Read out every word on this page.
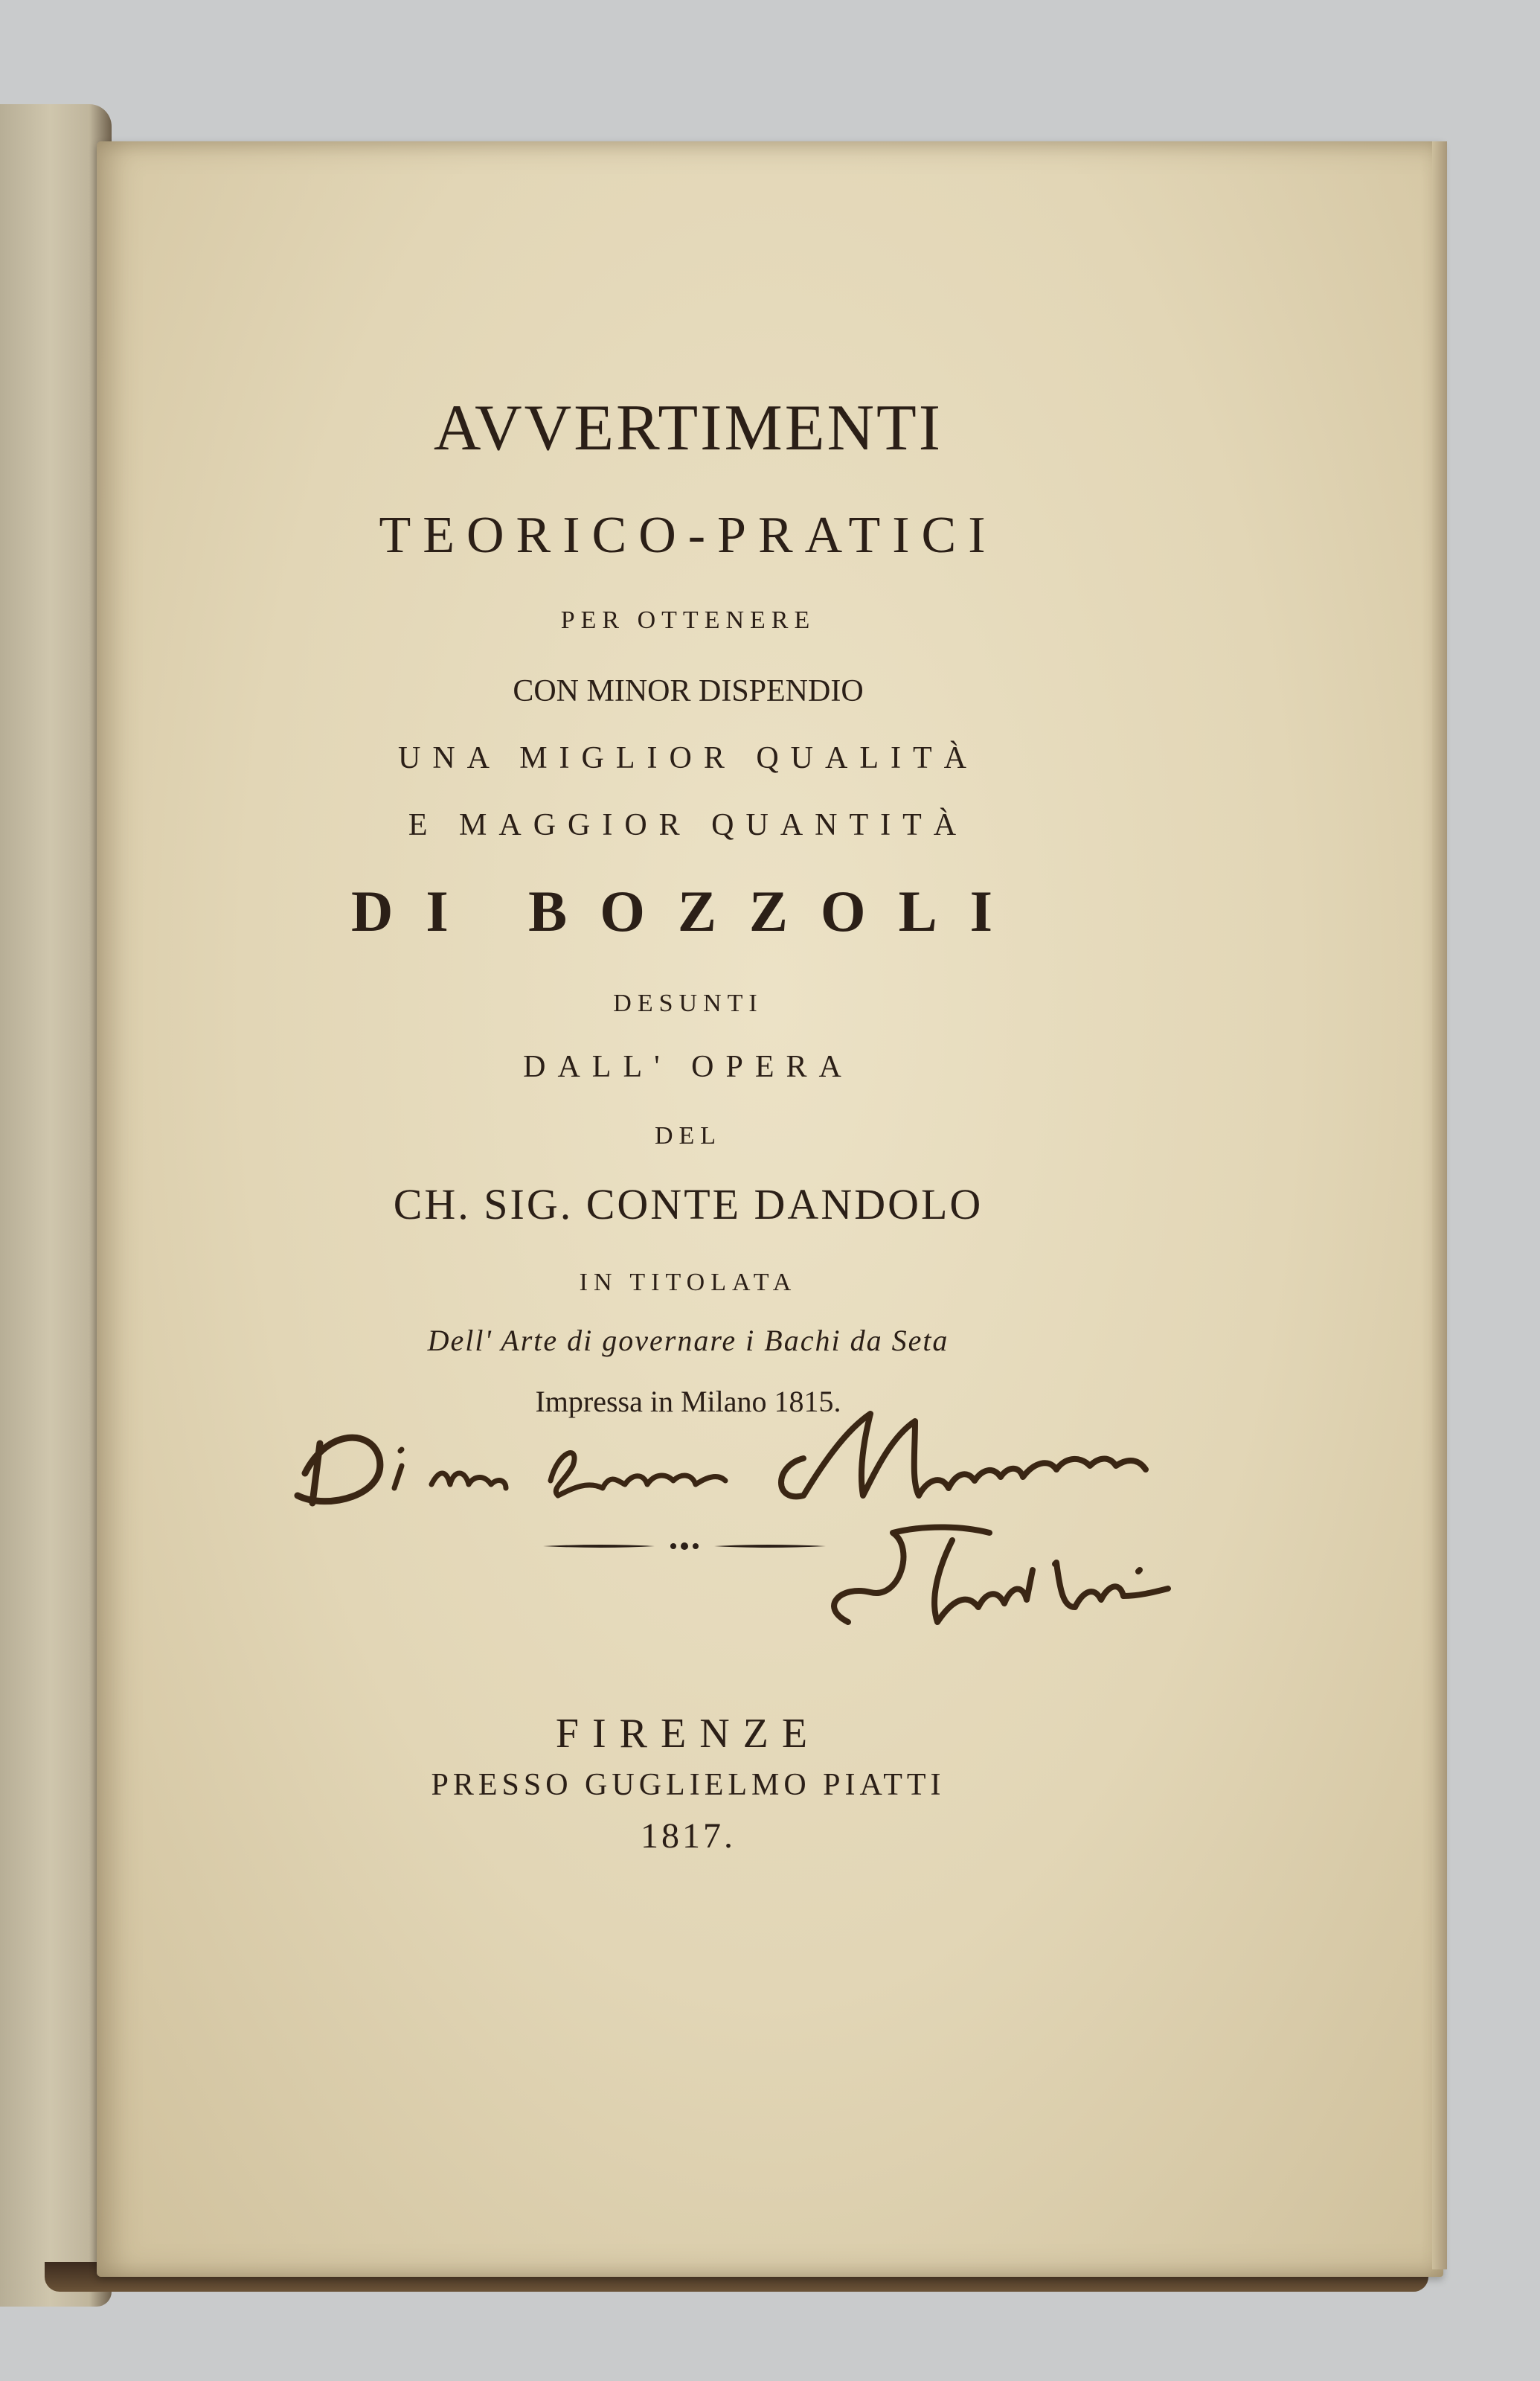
AVVERTIMENTI
TEORICO-PRATICI
PER OTTENERE
CON MINOR DISPENDIO
UNA MIGLIOR QUALITÀ
E MAGGIOR QUANTITÀ
DI BOZZOLI
DESUNTI
DALL' OPERA
DEL
CH. SIG. CONTE DANDOLO
IN TITOLATA
Dell' Arte di governare i Bachi da Seta
Impressa in Milano 1815.
FIRENZE
PRESSO GUGLIELMO PIATTI
1817.
